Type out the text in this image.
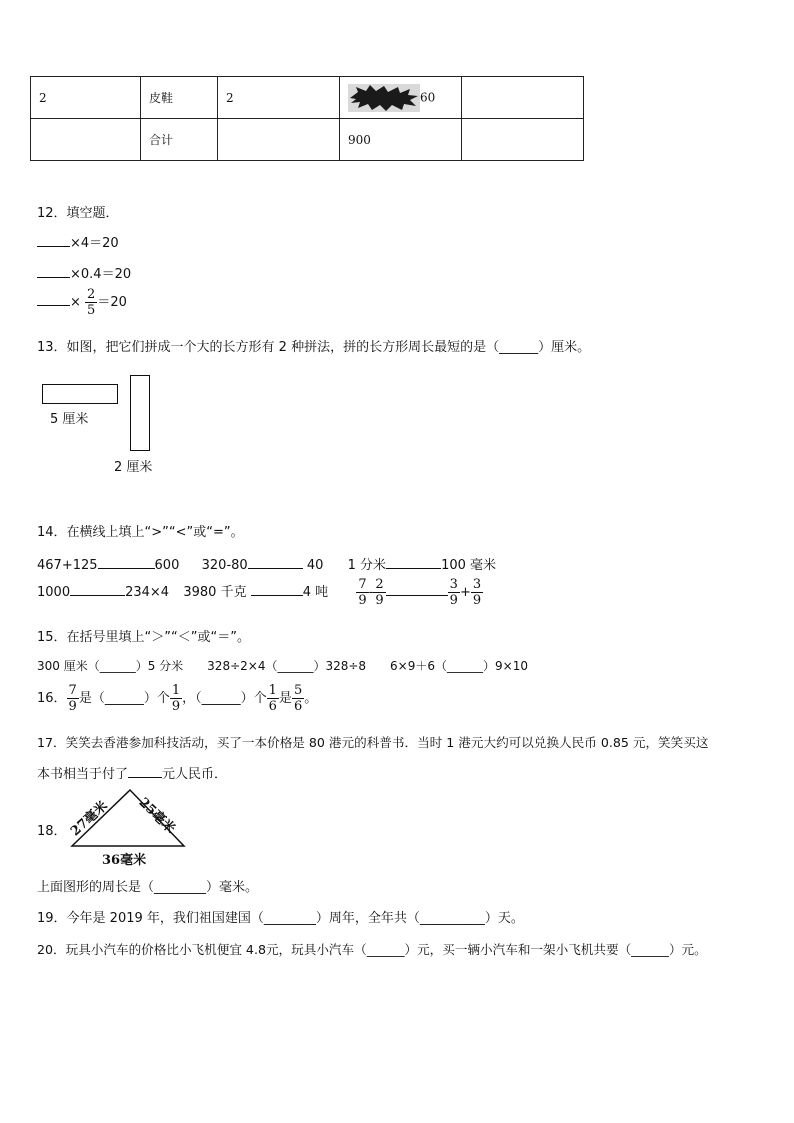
2	皮鞋	2	60	
	合计		900	
12．填空题．
×4＝20
×0.4＝20
× $\frac{2}{5} =20$
13．如图，把它们拼成一个大的长方形有 2 种拼法，拼的长方形周长最短的是（______）厘米。
5 厘米
2 厘米
14．在横线上填上“>”“<”或“=”。
467+125	600 320-80	40 1 分米	100 毫米
1000	234×4 3980 千克	4 吨 $\frac{7}{9} - \frac{2}{9}$	$\frac{3}{9} + \frac{3}{9}$
15．在括号里填上“＞”“＜”或“＝”。
300 厘米（______）5 分米　　328÷2×4（______）328÷8　　6×9＋6（______）9×10
16． $\frac{7}{9}$ 是（______）个 $\frac{1}{9}$ ，（______）个 $\frac{1}{6}$ 是 $\frac{5}{6}$ 。
17．笑笑去香港参加科技活动，买了一本价格是 80 港元的科普书．当时 1 港元大约可以兑换人民币 0.85 元，笑笑买这
本书相当于付了	元人民币．
18． 27毫米 25毫米
36毫米
上面图形的周长是（________）毫米。
19．今年是 2019 年，我们祖国建国（________）周年，全年共（__________）天。
20．玩具小汽车的价格比小飞机便宜 4.8元，玩具小汽车（______）元，买一辆小汽车和一架小飞机共要（______）元。
